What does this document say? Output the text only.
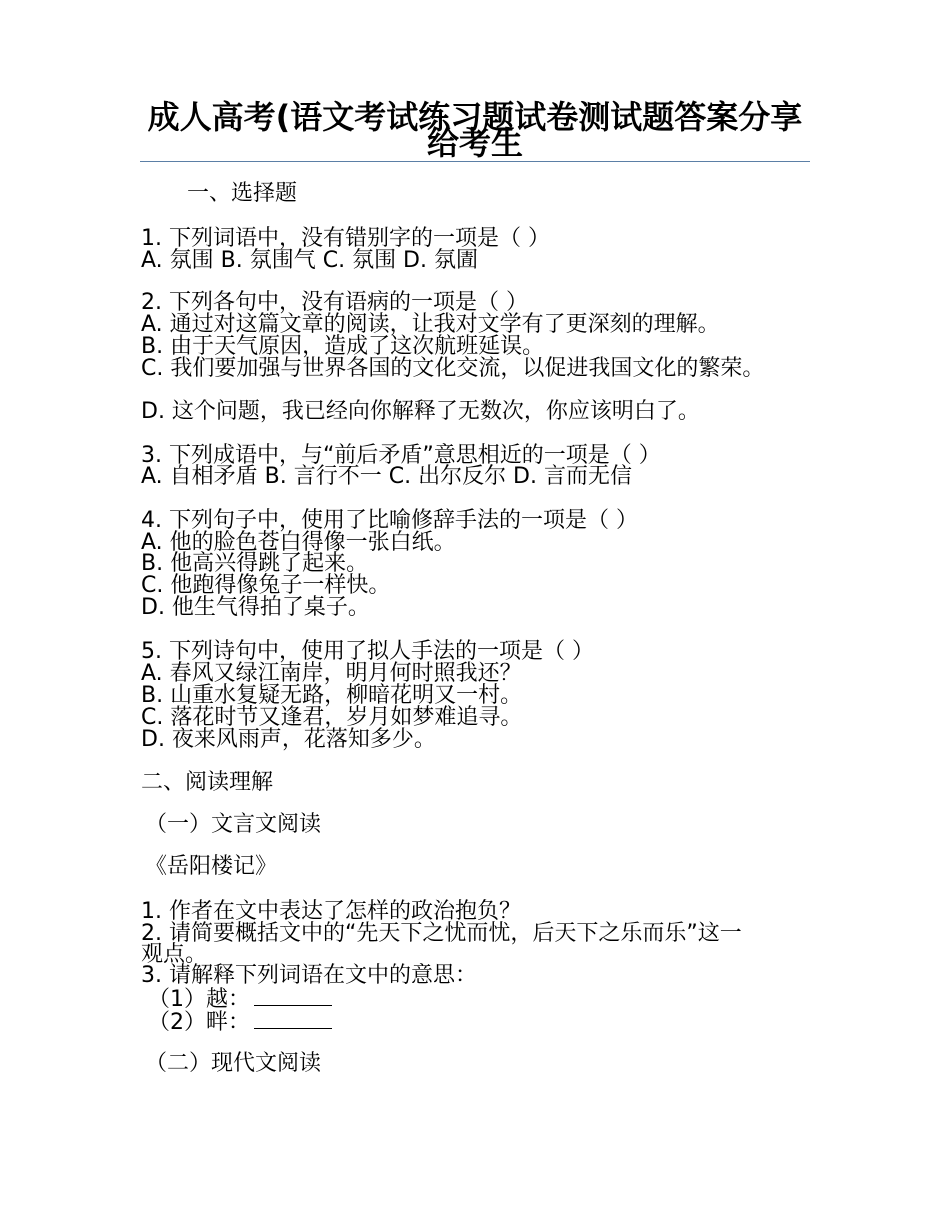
成人高考(语文考试练习题试卷测试题答案分享给考生
一、选择题
1. 下列词语中，没有错别字的一项是（ ）
A. 氛围 B. 氛围气 C. 氛围 D. 氛圊
2. 下列各句中，没有语病的一项是（ ）
A. 通过对这篇文章的阅读，让我对文学有了更深刻的理解。
B. 由于天气原因，造成了这次航班延误。
C. 我们要加强与世界各国的文化交流，以促进我国文化的繁荣。
D. 这个问题，我已经向你解释了无数次，你应该明白了。
3. 下列成语中，与“前后矛盾”意思相近的一项是（ ）
A. 自相矛盾 B. 言行不一 C. 出尔反尔 D. 言而无信
4. 下列句子中，使用了比喻修辞手法的一项是（ ）
A. 他的脸色苍白得像一张白纸。
B. 他高兴得跳了起来。
C. 他跑得像兔子一样快。
D. 他生气得拍了桌子。
5. 下列诗句中，使用了拟人手法的一项是（ ）
A. 春风又绿江南岸，明月何时照我还？
B. 山重水复疑无路，柳暗花明又一村。
C. 落花时节又逢君，岁月如梦难追寻。
D. 夜来风雨声，花落知多少。
二、阅读理解
（一）文言文阅读
《岳阳楼记》
1. 作者在文中表达了怎样的政治抱负？
2. 请简要概括文中的“先天下之忧而忧，后天下之乐而乐”这一观点。
3. 请解释下列词语在文中的意思：
（1）越：
（2）畔：
（二）现代文阅读
